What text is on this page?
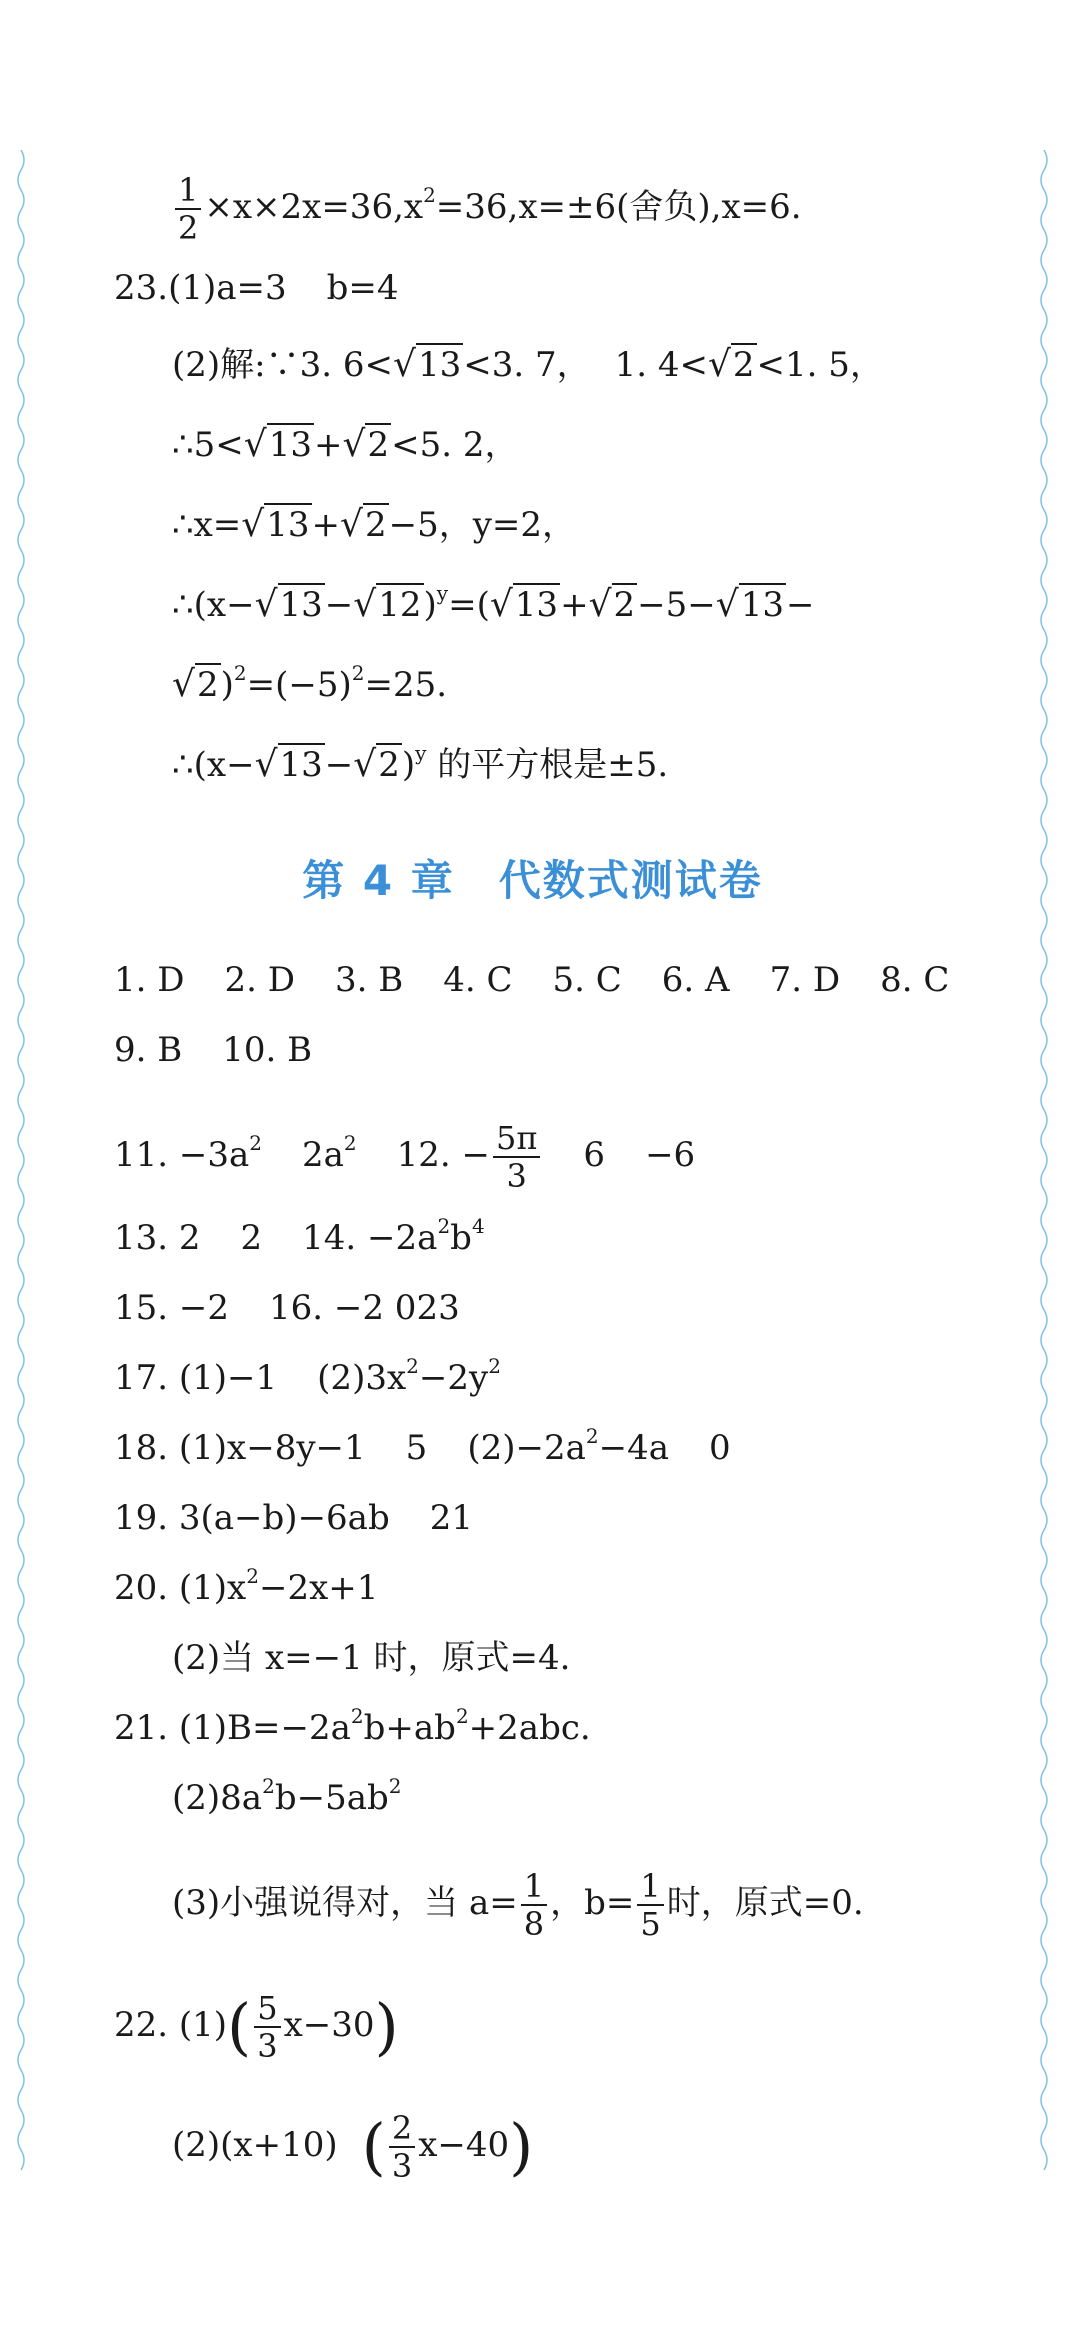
$\frac{1}{2} \times x\times 2x=36,x^2=36,x=\pm 6$(舍负),x=6.
23.(1)a=3 b=4
(2)解:∵3. 6<√13<3. 7， 1. 4<√2<1. 5，
∴5<√13+√2<5. 2，
∴x=√13+√2−5，y=2，
$\therefore(x-√13-√12)^y=(√13+√2-5-√13-$
$√2)^2=(-5)^2=25$.
$\therefore(x-√13-√2)^y$ 的平方根是±5.
第 4 章　代数式测试卷
1. D 2. D 3. B 4. C 5. C 6. A 7. D 8. C
9. B 10. B
11. $-3a^2$ $2a^2$ 12. − $\frac{5\pi}{3} 6 -6$
13. 2 2 14. $-2a^2b^4$
15. −2 16. −2 023
17. (1)−1 $(2)3x^2-2y^2$
18. (1)x−8y−1 5 $(2)-2a^2-4a$ 0
19. 3(a−b)−6ab 21
20. $(1)x^2-2x+1$
(2)当 x=−1 时，原式=4.
21. $(1)B=-2a^2b+ab^2+2abc$.
$(2)8a^2b-5ab^2$
(3)小强说得对，当 $a= \frac{1}{8}$ ，$b= \frac{1}{5}$ 时，原式=0.
22. $(1)( \frac{5}{3} x-30)$
(2)(x+10) ( $\frac{2}{3} x-40$)
